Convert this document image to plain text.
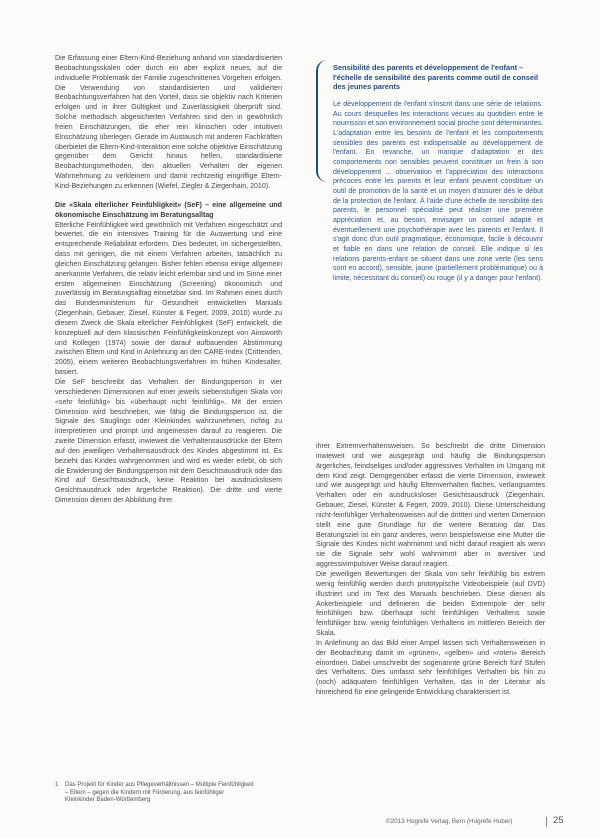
Die Erfassung einer Eltern-Kind-Beziehung anhand von standardisierten Beobachtungsskalen oder durch ein aber explizit neues, auf die individuelle Problematik der Familie zugeschnittenes Vorgehen erfolgen. Die Verwendung von standardisierten und validierten Beobachtungsverfahren hat den Vorteil, dass sie objektiv nach Kriterien erfolgen und in ihrer Gültigkeit und Zuverlässigkeit überprüft sind. Solche methodisch abgesicherten Verfahren sind den in gewöhnlich freien Einschätzungen, die eher rein klinischen oder intuitiven Einschätzung überlegen. Gerade im Austausch mit anderen Fachkräften überbietet die Eltern-Kind-Interaktion eine solche objektive Einschätzung gegenüber dem Gericht hinaus helfen, standardisierte Beobachtungsmethoden, den aktuellen Verhalten der eigenen Wahrnehmung zu verkleinern und damit rechtzeitig eingriffige Eltern-Kind-Beziehungen zu erkennen (Wiefel, Ziegler & Ziegenhain, 2010).

Die «Skala elterlicher Feinfühligkeit» (SeF) – eine allgemeine und ökonomische Einschätzung im Beratungsalltag

Elterliche Feinfühligkeit wird gewöhnlich mit Verfahren eingeschätzt und bewertet, die ein intensives Training für die Auswertung und eine entsprechende Reliabilität erfordern. Dies bedeutet, im sichergestellten, dass mit geringen, die mit einem Verfahren arbeiten, tatsächlich zu gleichen Einschätzung gelangen. Bisher fehlen ebenso einige allgemein anerkannte Verfahren, die relativ leicht erlernbar sind und im Sinne einer ersten allgemeinen Einschätzung (Screening) ökonomisch und zuverlässig im Beratungsalltag einsetzbar sind. Im Rahmen eines durch das Bundesministerium für Gesundheit entwickelten Manuals (Ziegenhain, Gebauer, Ziesel, Künster & Fegert, 2009, 2010) wurde zu diesem Zweck die Skala elterlicher Feinfühligkeit (SeF) entwickelt, die konzeptuell auf dem klassischen Feinfühligkeitskonzept von Ainsworth und Kollegen (1974) sowie der darauf aufbauenden Abstimmung zwischen Eltern und Kind in Anlehnung an den CARE-Index (Crittenden, 2005), einem weiteren Beobachtungsverfahren im frühen Kindesalter, basiert.

Die SeF beschreibt das Verhalten der Bindungsperson in vier verschiedenen Dimensionen auf einer jeweils siebenstufigen Skala von «sehr feinfühlig» bis «überhaupt nicht feinfühlig». Mit der ersten Dimension wird beschrieben, wie fähig die Bindungsperson ist, die Signale des Säuglings oder Kleinkindes wahrzunehmen, richtig zu interpretieren und prompt und angemessen darauf zu reagieren. Die zweite Dimension erfasst, inwieweit die Verhaltensausdrücke der Eltern auf den jeweiligen Verhaltensausdruck des Kindes abgestimmt ist. Es bezieht das Kindes wahrgenommen und wird es wieder erlebt, ob sich die Erwiderung der Bindungsperson mit dem Gesichtsausdruck oder das Kind auf Gesichtsausdruck, keine Reaktion bei ausdruckslosem Gesichtsausdruck oder ärgerliche Reaktion). Die dritte und vierte Dimension dienen der Abbildung ihrer

Sensibilité des parents et développement de l'enfant – l'échelle de sensibilité des parents comme outil de conseil des jeunes parents
Le développement de l'enfant s'inscrit dans une série de relations. Au cours desquelles les interactions vécues au quotidien entre le nourrisson et son environnement social proche sont déterminantes. L'adaptation entre les besoins de l'enfant et les comportements sensibles des parents est indispensable au développement de l'enfant. En revanche, un manque d'adaptation et des comportements non sensibles peuvent constituer un frein à son développement ... observation et l'appréciation des interactions précoces entre les parents et leur enfant peuvent constituer un outil de promotion de la santé et un moyen d'assurer dès le début de la protection de l'enfant. À l'aide d'une échelle de sensibilité des parents, le personnel spécialisé peut réaliser une première appréciation et, au besoin, envisager un conseil adapté et éventuellement une psychothérapie avec les parents et l'enfant. Il s'agit donc d'un outil pragmatique, économique, facile à découvrir et fiable en dans une relation de conseil. Elle indique si les relations parents-enfant se situent dans une zone verte (les sens sont en accord), sensible, jaune (partiellement problématique) ou à limite, nécessitant du conseil) ou rouge (il y a danger pour l'enfant).

ihrer Extremverhaltensweisen. So beschreibt die dritte Dimension inwieweit und wie ausgeprägt und häufig die Bindungsperson ärgerliches, feindseliges und/oder aggressives Verhalten im Umgang mit dem Kind zeigt. Demgegenüber erfasst die vierte Dimension, inwieweit und wie ausgeprägt und häufig Elternverhalten flaches, verlangsamtes Verhalten oder ein ausdrucksloser Gesichtsausdruck (Ziegenhain, Gebauer, Ziesel, Künster & Fegert, 2009, 2010). Diese Unterscheidung nicht-feinfühliger Verhaltensweisen auf die drittten und vierten Dimension stellt eine gute Grundlage für die weitere Beratung dar. Das Beratungsziel ist ein ganz anderes, wenn beispielsweise eine Mutter die Signale des Kindes nicht wahrnimmt und nicht darauf reagiert als wenn sie die Signale sehr wohl wahrnimmt aber in aversiver und aggressivimpulsiver Weise darauf reagiert.

Die jeweiligen Bewertungen der Skala von sehr feinfühlig bis extrem wenig feinfühlig werden durch prototypische Videobeispiele (auf DVD) illustriert und im Text des Manuals beschrieben. Diese dienen als Ankerbeispiele und definieren die beiden Extrempole der sehr feinfühligen bzw. überhaupt nicht feinfühligen Verhaltens sowie feinfühliger bzw. wenig feinfühligen Verhaltens im mittleren Bereich der Skala.

In Anlehnung an das Bild einer Ampel lassen sich Verhaltensweisen in der Beobachtung damit im «grünen», «gelben» und «roten» Bereich einordnen. Dabei umschreibt der sogenannte grüne Bereich fünf Stufen des Verhaltens. Dies umfasst sehr feinfühliges Verhalten bis hin zu (noch) adäquatem feinfühligen Verhalten, das in der Literatur als hinreichend für eine gelingende Entwicklung charakterisiert ist.

1 Das Projekt für Kinder aus Pflegeverhältnissen – Multiple Feinfühligkeit – Eltern – gegen die Kindern mit Förderung, aus feinfühliger Kleinkinder Baden-Württemberg
©2013 Hogrefe Verlag, Bern (Hogrefe Huber)	25
